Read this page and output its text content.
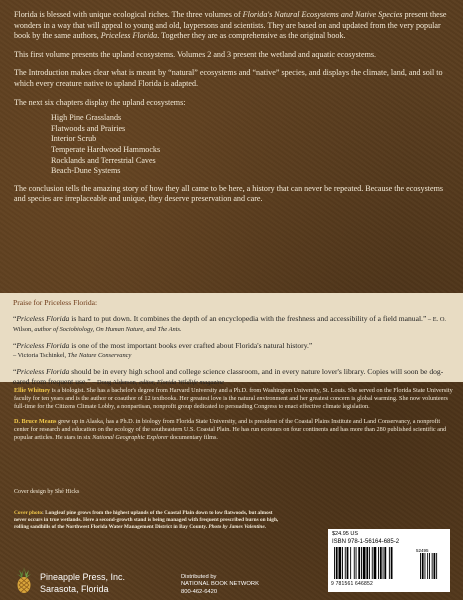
Florida is blessed with unique ecological riches. The three volumes of Florida's Natural Ecosystems and Native Species present these wonders in a way that will appeal to young and old, laypersons and scientists. They are based on and updated from the very popular book by the same authors, Priceless Florida. Together they are as comprehensive as the original book.

This first volume presents the upland ecosystems. Volumes 2 and 3 present the wetland and aquatic ecosystems.

The Introduction makes clear what is meant by “natural” ecosystems and “native” species, and displays the climate, land, and soil to which every creature native to upland Florida is adapted.

The next six chapters display the upland ecosystems:

High Pine Grasslands
Flatwoods and Prairies
Interior Scrub
Temperate Hardwood Hammocks
Rocklands and Terrestrial Caves
Beach-Dune Systems

The conclusion tells the amazing story of how they all came to be here, a history that can never be repeated. Because the ecosystems and species are irreplaceable and unique, they deserve preservation and care.

Praise for Priceless Florida:

“Priceless Florida is hard to put down. It combines the depth of an encyclopedia with the freshness and accessibility of a field manual.” – E. O. Wilson, author of Sociobiology, On Human Nature, and The Ants.

“Priceless Florida is one of the most important books ever crafted about Florida's natural history.”
– Victoria Tschinkel, The Nature Conservancy

“Priceless Florida should be in every high school and college science classroom, and in every nature lover's library. Copies will soon be dog-eared from frequent use.” – Doug Alderson, editor, Florida Wildlife magazine

Ellie Whitney is a biologist. She has a bachelor's degree from Harvard University and a Ph.D. from Washington University, St. Louis. She served on the Florida State University faculty for ten years and is the author or coauthor of 12 textbooks. Her greatest love is the natural environment and her greatest concern is global warming. She now volunteers full-time for the Citizens Climate Lobby, a nonpartisan, nonprofit group dedicated to persuading Congress to enact effective climate legislation.

D. Bruce Means grew up in Alaska, has a Ph.D. in biology from Florida State University, and is president of the Coastal Plains Institute and Land Conservancy, a nonprofit center for research and education on the ecology of the southeastern U.S. Coastal Plain. He has run ecotours on four continents and has more than 280 published scientific and popular articles. He stars in six National Geographic Explorer documentary films.

Cover design by Shé Hicks
Cover photo: Longleaf pine grows from the highest uplands of the Coastal Plain down to low flatwoods, but almost never occurs in true wetlands. Here a second-growth stand is being managed with frequent prescribed burns on high, rolling sandhills of the Northwest Florida Water Management District in Bay County. Photo by James Valentine.
Pineapple Press, Inc.
Sarasota, Florida
Distributed by
NATIONAL BOOK NETWORK
800-462-6420
$24.95 US
ISBN 978-1-56164-685-2
52495
9 781561 646852
